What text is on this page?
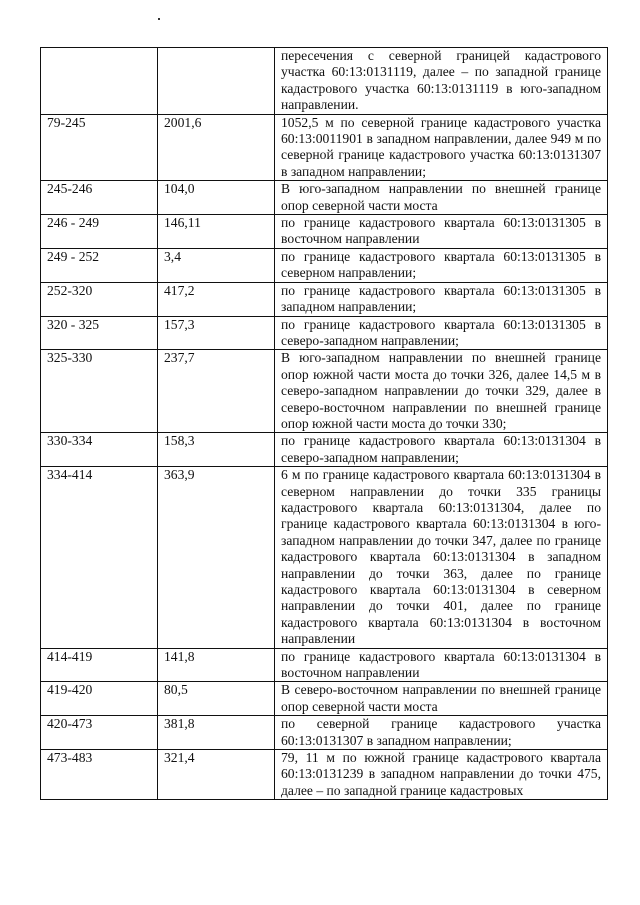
		пересечения с северной границей кадастрового участка 60:13:0131119, далее – по западной границе кадастрового участка 60:13:0131119 в юго-западном направлении.
79-245	2001,6	1052,5 м по северной границе кадастрового участка 60:13:0011901 в западном направлении, далее 949 м по северной границе кадастрового участка 60:13:0131307 в западном направлении;
245-246	104,0	В юго-западном направлении по внешней границе опор северной части моста
246 - 249	146,11	по границе кадастрового квартала 60:13:0131305 в восточном направлении
249 - 252	3,4	по границе кадастрового квартала 60:13:0131305 в северном направлении;
252-320	417,2	по границе кадастрового квартала 60:13:0131305 в западном направлении;
320 - 325	157,3	по границе кадастрового квартала 60:13:0131305 в северо-западном направлении;
325-330	237,7	В юго-западном направлении по внешней границе опор южной части моста до точки 326, далее 14,5 м в северо-западном направлении до точки 329, далее в северо-восточном направлении по внешней границе опор южной части моста до точки 330;
330-334	158,3	по границе кадастрового квартала 60:13:0131304 в северо-западном направлении;
334-414	363,9	6 м по границе кадастрового квартала 60:13:0131304 в северном направлении до точки 335 границы кадастрового квартала 60:13:0131304, далее по границе кадастрового квартала 60:13:0131304 в юго-западном направлении до точки 347, далее по границе кадастрового квартала 60:13:0131304 в западном направлении до точки 363, далее по границе кадастрового квартала 60:13:0131304 в северном направлении до точки 401, далее по границе кадастрового квартала 60:13:0131304 в восточном направлении
414-419	141,8	по границе кадастрового квартала 60:13:0131304 в восточном направлении
419-420	80,5	В северо-восточном направлении по внешней границе опор северной части моста
420-473	381,8	по северной границе кадастрового участка 60:13:0131307 в западном направлении;
473-483	321,4	79, 11 м по южной границе кадастрового квартала 60:13:0131239 в западном направлении до точки 475, далее – по западной границе кадастровых
